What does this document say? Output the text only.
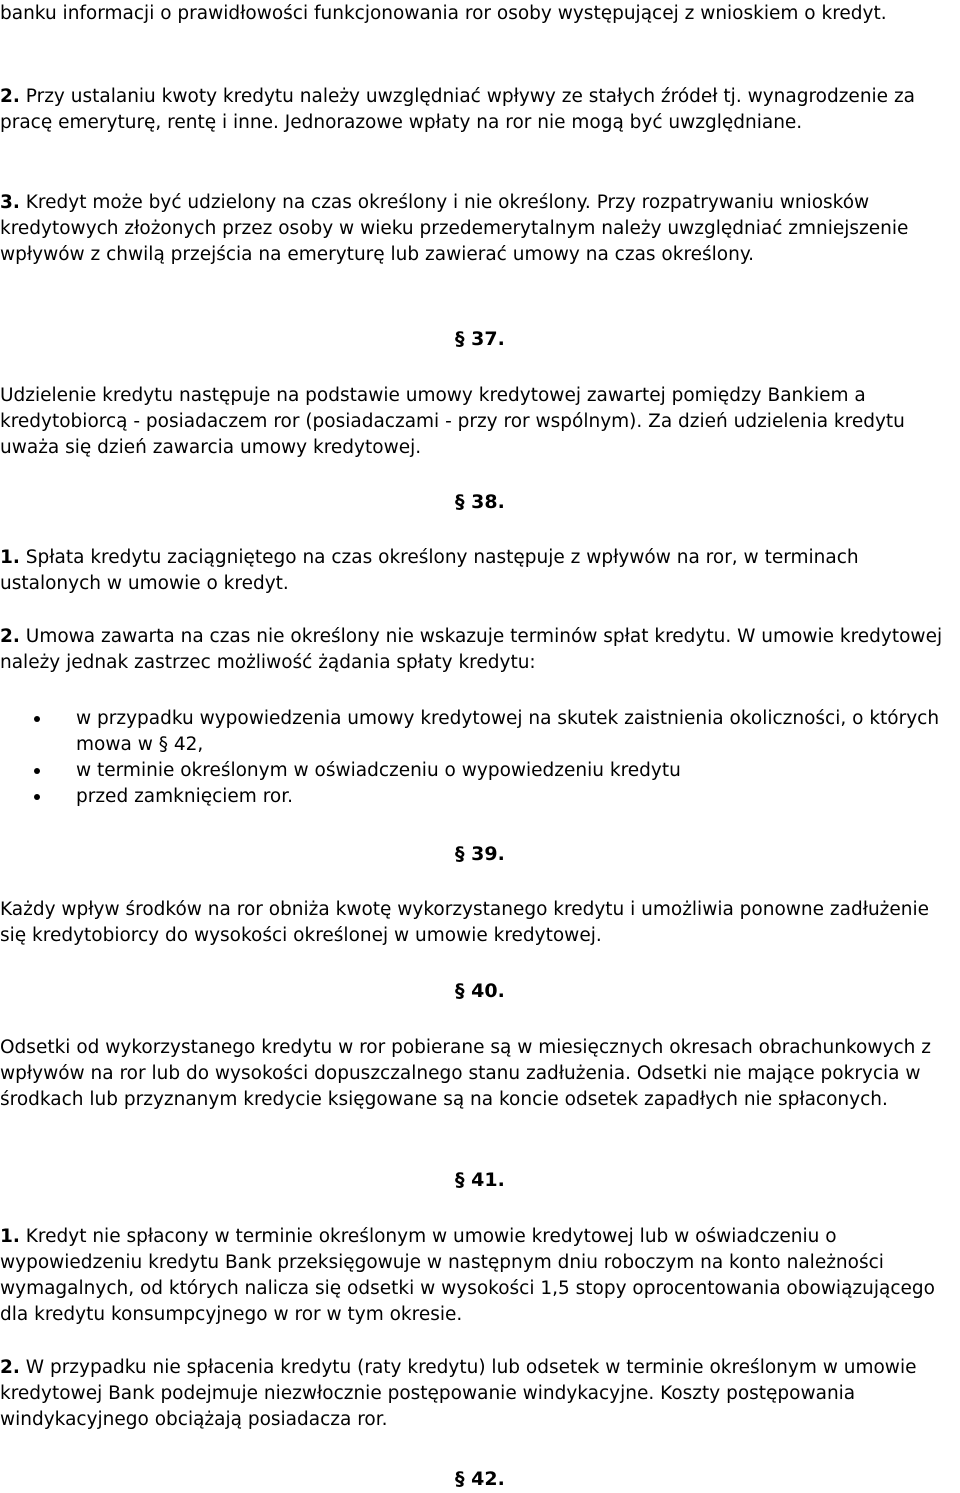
banku informacji o prawidłowości funkcjonowania ror osoby występującej z wnioskiem o kredyt.

2. Przy ustalaniu kwoty kredytu należy uwzględniać wpływy ze stałych źródeł tj. wynagrodzenie za pracę emeryturę, rentę i inne. Jednorazowe wpłaty na ror nie mogą być uwzględniane.

3. Kredyt może być udzielony na czas określony i nie określony. Przy rozpatrywaniu wniosków kredytowych złożonych przez osoby w wieku przedemerytalnym należy uwzględniać zmniejszenie wpływów z chwilą przejścia na emeryturę lub zawierać umowy na czas określony.

§ 37.

Udzielenie kredytu następuje na podstawie umowy kredytowej zawartej pomiędzy Bankiem a kredytobiorcą - posiadaczem ror (posiadaczami - przy ror wspólnym). Za dzień udzielenia kredytu uważa się dzień zawarcia umowy kredytowej.

§ 38.

1. Spłata kredytu zaciągniętego na czas określony następuje z wpływów na ror, w terminach ustalonych w umowie o kredyt.

2. Umowa zawarta na czas nie określony nie wskazuje terminów spłat kredytu. W umowie kredytowej należy jednak zastrzec możliwość żądania spłaty kredytu:

w przypadku wypowiedzenia umowy kredytowej na skutek zaistnienia okoliczności, o których mowa w § 42,
w terminie określonym w oświadczeniu o wypowiedzeniu kredytu
przed zamknięciem ror.

§ 39.

Każdy wpływ środków na ror obniża kwotę wykorzystanego kredytu i umożliwia ponowne zadłużenie się kredytobiorcy do wysokości określonej w umowie kredytowej.

§ 40.

Odsetki od wykorzystanego kredytu w ror pobierane są w miesięcznych okresach obrachunkowych z wpływów na ror lub do wysokości dopuszczalnego stanu zadłużenia. Odsetki nie mające pokrycia w środkach lub przyznanym kredycie księgowane są na koncie odsetek zapadłych nie spłaconych.

§ 41.

1. Kredyt nie spłacony w terminie określonym w umowie kredytowej lub w oświadczeniu o wypowiedzeniu kredytu Bank przeksięgowuje w następnym dniu roboczym na konto należności wymagalnych, od których nalicza się odsetki w wysokości 1,5 stopy oprocentowania obowiązującego dla kredytu konsumpcyjnego w ror w tym okresie.

2. W przypadku nie spłacenia kredytu (raty kredytu) lub odsetek w terminie określonym w umowie kredytowej Bank podejmuje niezwłocznie postępowanie windykacyjne. Koszty postępowania windykacyjnego obciążają posiadacza ror.

§ 42.
